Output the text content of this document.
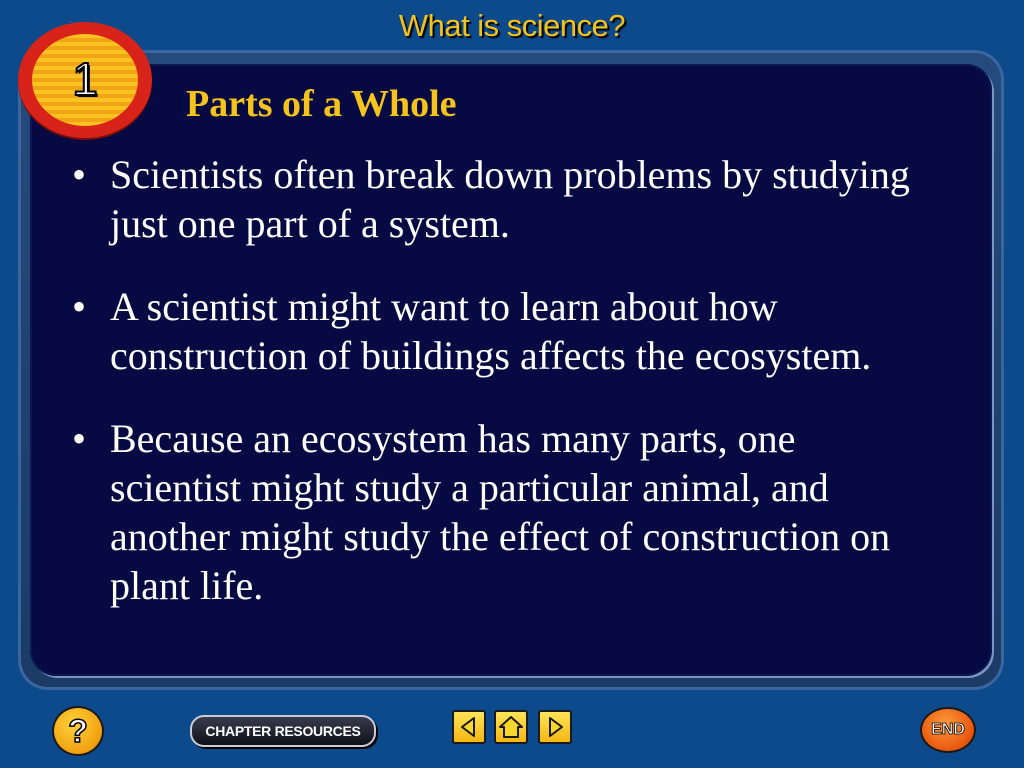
What is science?
1	Parts of a Whole
• Scientists often break down problems by studying just one part of a system.
• A scientist might want to learn about how construction of buildings affects the ecosystem.
• Because an ecosystem has many parts, one scientist might study a particular animal, and another might study the effect of construction on plant life.
?	CHAPTER RESOURCES	END
